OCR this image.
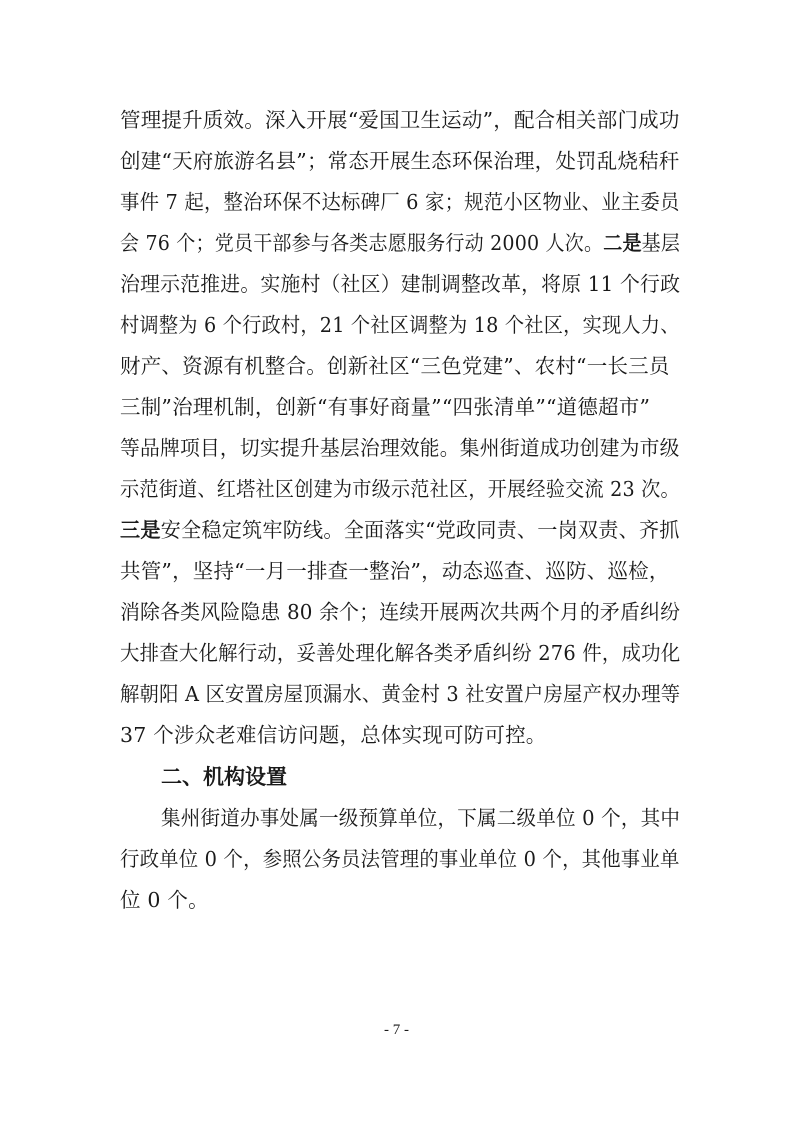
管理提升质效。深入开展“爱国卫生运动”，配合相关部门成功
创建“天府旅游名县”；常态开展生态环保治理，处罚乱烧秸秆
事件 7 起，整治环保不达标碑厂 6 家；规范小区物业、业主委员
会 76 个；党员干部参与各类志愿服务行动 2000 人次。二是基层
治理示范推进。实施村（社区）建制调整改革，将原 11 个行政
村调整为 6 个行政村，21 个社区调整为 18 个社区，实现人力、
财产、资源有机整合。创新社区“三色党建”、农村“一长三员
三制”治理机制，创新“有事好商量”“四张清单”“道德超市”
等品牌项目，切实提升基层治理效能。集州街道成功创建为市级
示范街道、红塔社区创建为市级示范社区，开展经验交流 23 次。
三是安全稳定筑牢防线。全面落实“党政同责、一岗双责、齐抓
共管”，坚持“一月一排查一整治”，动态巡查、巡防、巡检，
消除各类风险隐患 80 余个；连续开展两次共两个月的矛盾纠纷
大排查大化解行动，妥善处理化解各类矛盾纠纷 276 件，成功化
解朝阳 A 区安置房屋顶漏水、黄金村 3 社安置户房屋产权办理等
37 个涉众老难信访问题，总体实现可防可控。
二、机构设置
集州街道办事处属一级预算单位，下属二级单位 0 个，其中
行政单位 0 个，参照公务员法管理的事业单位 0 个，其他事业单
位 0 个。
- 7 -
